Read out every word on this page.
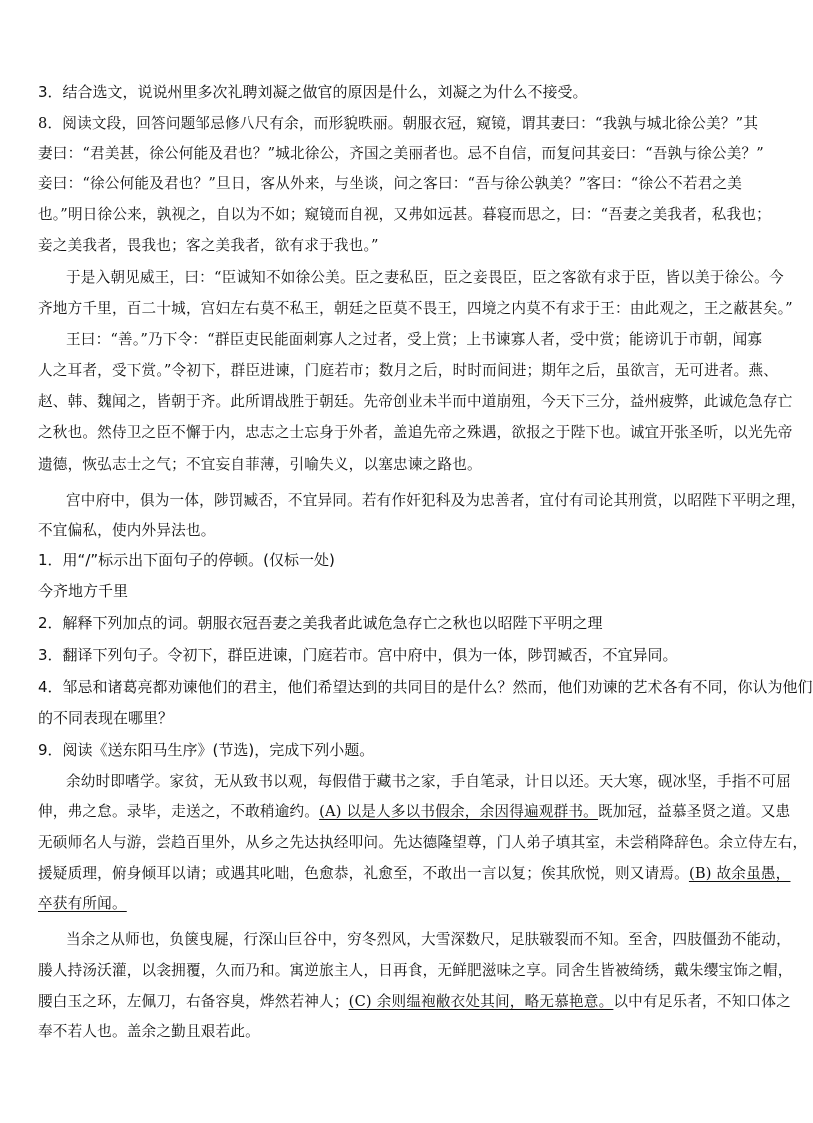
3．结合选文，说说州里多次礼聘刘凝之做官的原因是什么，刘凝之为什么不接受。
8．阅读文段，回答问题邹忌修八尺有余，而形貌昳丽。朝服衣冠，窥镜，谓其妻曰：“我孰与城北徐公美？”其
妻曰：“君美甚，徐公何能及君也？”城北徐公，齐国之美丽者也。忌不自信，而复问其妾曰：“吾孰与徐公美？”
妾曰：“徐公何能及君也？”旦日，客从外来，与坐谈，问之客曰：“吾与徐公孰美？”客曰：“徐公不若君之美
也。”明日徐公来，孰视之，自以为不如；窥镜而自视，又弗如远甚。暮寝而思之，曰：“吾妻之美我者，私我也；
妾之美我者，畏我也；客之美我者，欲有求于我也。”
于是入朝见威王，曰：“臣诚知不如徐公美。臣之妻私臣，臣之妾畏臣，臣之客欲有求于臣，皆以美于徐公。今
齐地方千里，百二十城，宫妇左右莫不私王，朝廷之臣莫不畏王，四境之内莫不有求于王：由此观之，王之蔽甚矣。”
王曰：“善。”乃下令：“群臣吏民能面刺寡人之过者，受上赏；上书谏寡人者，受中赏；能谤讥于市朝，闻寡
人之耳者，受下赏。”令初下，群臣进谏，门庭若市；数月之后，时时而间进；期年之后，虽欲言，无可进者。燕、
赵、韩、魏闻之，皆朝于齐。此所谓战胜于朝廷。先帝创业未半而中道崩殂，今天下三分，益州疲弊，此诚危急存亡
之秋也。然侍卫之臣不懈于内，忠志之士忘身于外者，盖追先帝之殊遇，欲报之于陛下也。诚宜开张圣听，以光先帝
遗德，恢弘志士之气；不宜妄自菲薄，引喻失义，以塞忠谏之路也。
宫中府中，俱为一体，陟罚臧否，不宜异同。若有作奸犯科及为忠善者，宜付有司论其刑赏，以昭陛下平明之理，
不宜偏私，使内外异法也。
1．用“/”标示出下面句子的停顿。(仅标一处)
今齐地方千里
2．解释下列加点的词。朝服衣冠吾妻之美我者此诚危急存亡之秋也以昭陛下平明之理
3．翻译下列句子。令初下，群臣进谏，门庭若市。宫中府中，俱为一体，陟罚臧否，不宜异同。
4．邹忌和诸葛亮都劝谏他们的君主，他们希望达到的共同目的是什么？然而，他们劝谏的艺术各有不同，你认为他们
的不同表现在哪里？
9．阅读《送东阳马生序》(节选)，完成下列小题。
余幼时即嗜学。家贫，无从致书以观，每假借于藏书之家，手自笔录，计日以还。天大寒，砚冰坚，手指不可屈
伸，弗之怠。录毕，走送之，不敢稍逾约。(A) 以是人多以书假余，余因得遍观群书。既加冠，益慕圣贤之道。又患
无硕师名人与游，尝趋百里外，从乡之先达执经叩问。先达德隆望尊，门人弟子填其室，未尝稍降辞色。余立侍左右，
援疑质理，俯身倾耳以请；或遇其叱咄，色愈恭，礼愈至，不敢出一言以复；俟其欣悦，则又请焉。(B) 故余虽愚，
卒获有所闻。
当余之从师也，负箧曳屣，行深山巨谷中，穷冬烈风，大雪深数尺，足肤皲裂而不知。至舍，四肢僵劲不能动，
媵人持汤沃灌，以衾拥覆，久而乃和。寓逆旅主人，日再食，无鲜肥滋味之享。同舍生皆被绮绣，戴朱缨宝饰之帽，
腰白玉之环，左佩刀，右备容臭，烨然若神人；(C) 余则缊袍敝衣处其间，略无慕艳意。以中有足乐者，不知口体之
奉不若人也。盖余之勤且艰若此。
